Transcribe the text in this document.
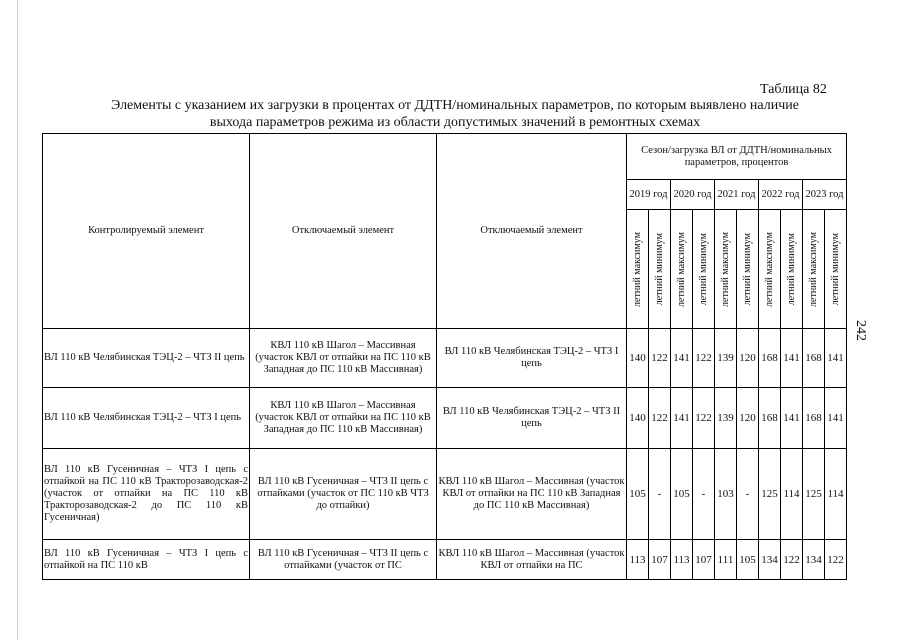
Таблица 82
Элементы с указанием их загрузки в процентах от ДДТН/номинальных параметров, по которым выявлено наличие
выхода параметров режима из области допустимых значений в ремонтных схемах
242
Контролируемый элемент	Отключаемый элемент	Отключаемый элемент	Сезон/загрузка ВЛ от ДДТН/номинальных параметров, процентов									
			2019 год		2020 год		2021 год		2022 год		2023 год	

			летний максимум	летний минимум	летний максимум	летний минимум	летний максимум	летний минимум	летний максимум	летний минимум	летний максимум	летний минимум

ВЛ 110 кВ Челябинская ТЭЦ-2 – ЧТЗ II цепь	КВЛ 110 кВ Шагол – Массивная (участок КВЛ от отпайки на ПС 110 кВ Западная до ПС 110 кВ Массивная)	ВЛ 110 кВ Челябинская ТЭЦ-2 – ЧТЗ I цепь	140	122	141	122	139	120	168	141	168	141
ВЛ 110 кВ Челябинская ТЭЦ-2 – ЧТЗ I цепь	КВЛ 110 кВ Шагол – Массивная (участок КВЛ от отпайки на ПС 110 кВ Западная до ПС 110 кВ Массивная)	ВЛ 110 кВ Челябинская ТЭЦ-2 – ЧТЗ II цепь	140	122	141	122	139	120	168	141	168	141
ВЛ 110 кВ Гусеничная – ЧТЗ I цепь с отпайкой на ПС 110 кВ Тракторозаводская-2 (участок от отпайки на ПС 110 кВ Тракторозаводская-2 до ПС 110 кВ Гусеничная)	ВЛ 110 кВ Гусеничная – ЧТЗ II цепь с отпайками (участок от ПС 110 кВ ЧТЗ до отпайки)	КВЛ 110 кВ Шагол – Массивная (участок КВЛ от отпайки на ПС 110 кВ Западная до ПС 110 кВ Массивная)	105	-	105	-	103	-	125	114	125	114
ВЛ 110 кВ Гусеничная – ЧТЗ I цепь с отпайкой на ПС 110 кВ	ВЛ 110 кВ Гусеничная – ЧТЗ II цепь с отпайками (участок от ПС	КВЛ 110 кВ Шагол – Массивная (участок КВЛ от отпайки на ПС	113	107	113	107	111	105	134	122	134	122
